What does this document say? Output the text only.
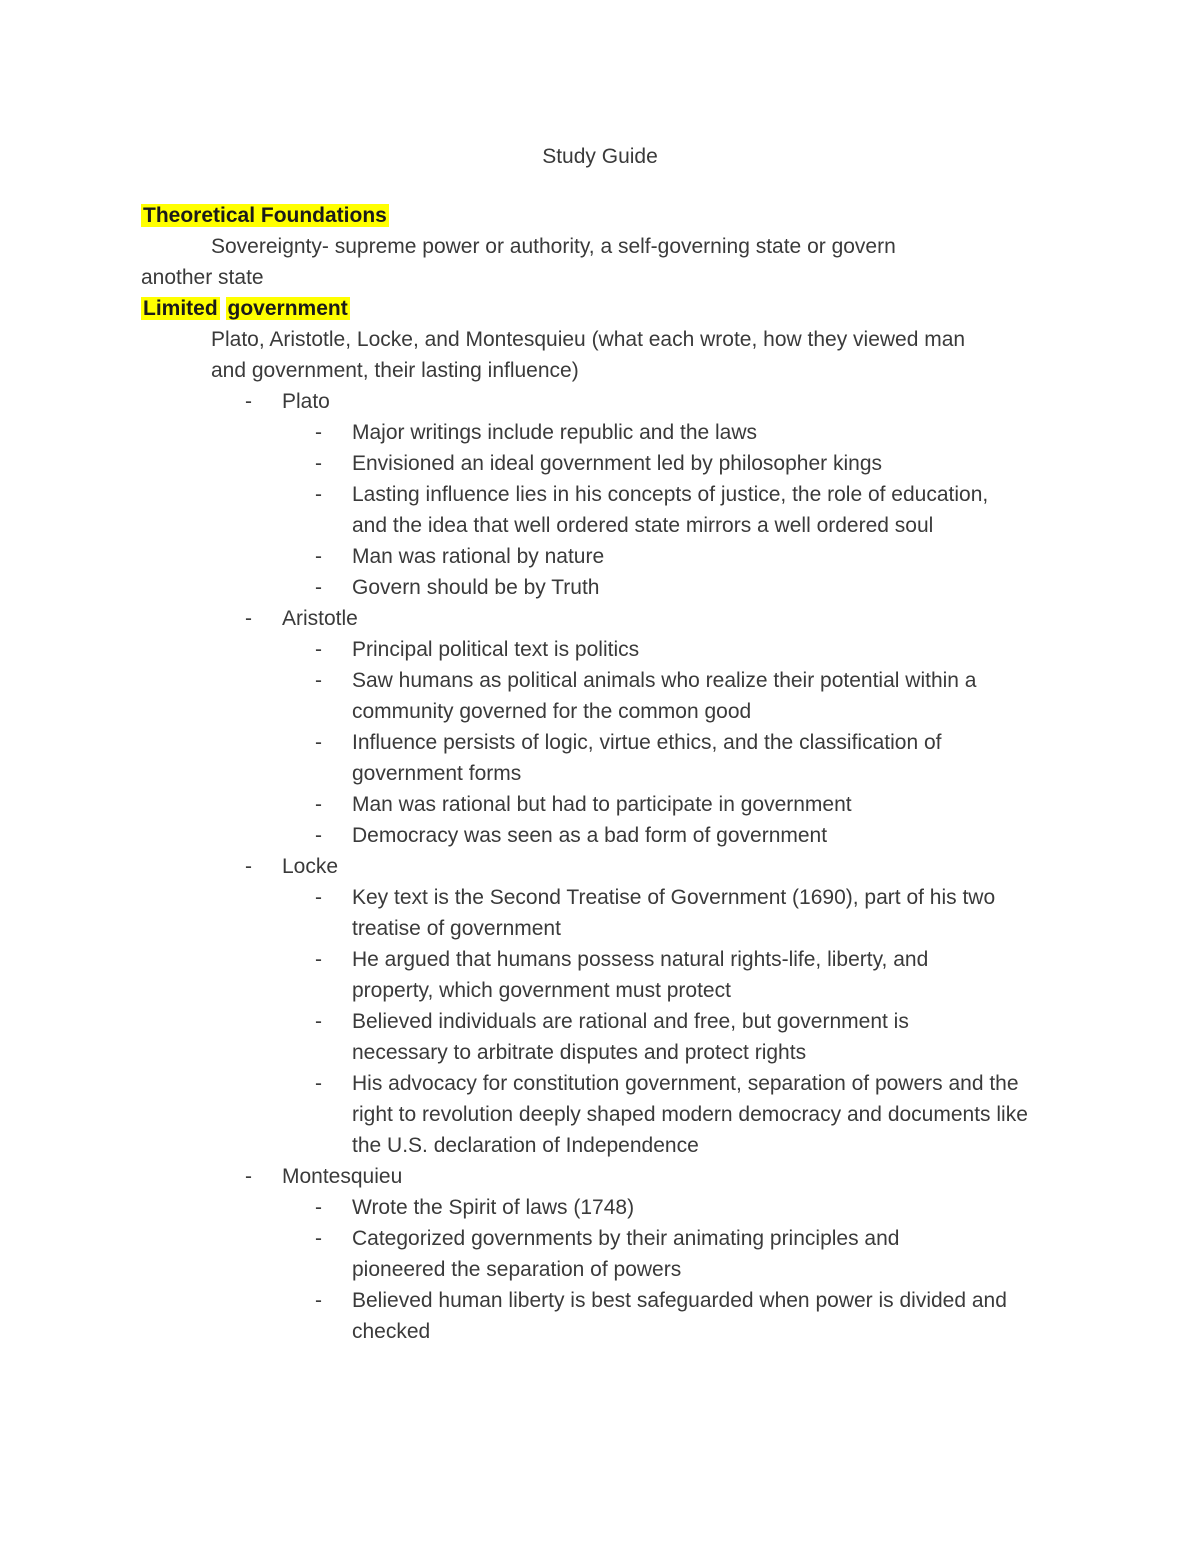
Study Guide
Theoretical Foundations
Sovereignty- supreme power or authority, a self-governing state or govern
another state
Limited government
Plato, Aristotle, Locke, and Montesquieu (what each wrote, how they viewed man
and government, their lasting influence)
- Plato
- Major writings include republic and the laws
- Envisioned an ideal government led by philosopher kings
- Lasting influence lies in his concepts of justice, the role of education, and the idea that well ordered state mirrors a well ordered soul
- Man was rational by nature
- Govern should be by Truth
- Aristotle
- Principal political text is politics
- Saw humans as political animals who realize their potential within a community governed for the common good
- Influence persists of logic, virtue ethics, and the classification of government forms
- Man was rational but had to participate in government
- Democracy was seen as a bad form of government
- Locke
- Key text is the Second Treatise of Government (1690), part of his two treatise of government
- He argued that humans possess natural rights-life, liberty, and property, which government must protect
- Believed individuals are rational and free, but government is necessary to arbitrate disputes and protect rights
- His advocacy for constitution government, separation of powers and the right to revolution deeply shaped modern democracy and documents like the U.S. declaration of Independence
- Montesquieu
- Wrote the Spirit of laws (1748)
- Categorized governments by their animating principles and pioneered the separation of powers
- Believed human liberty is best safeguarded when power is divided and checked
